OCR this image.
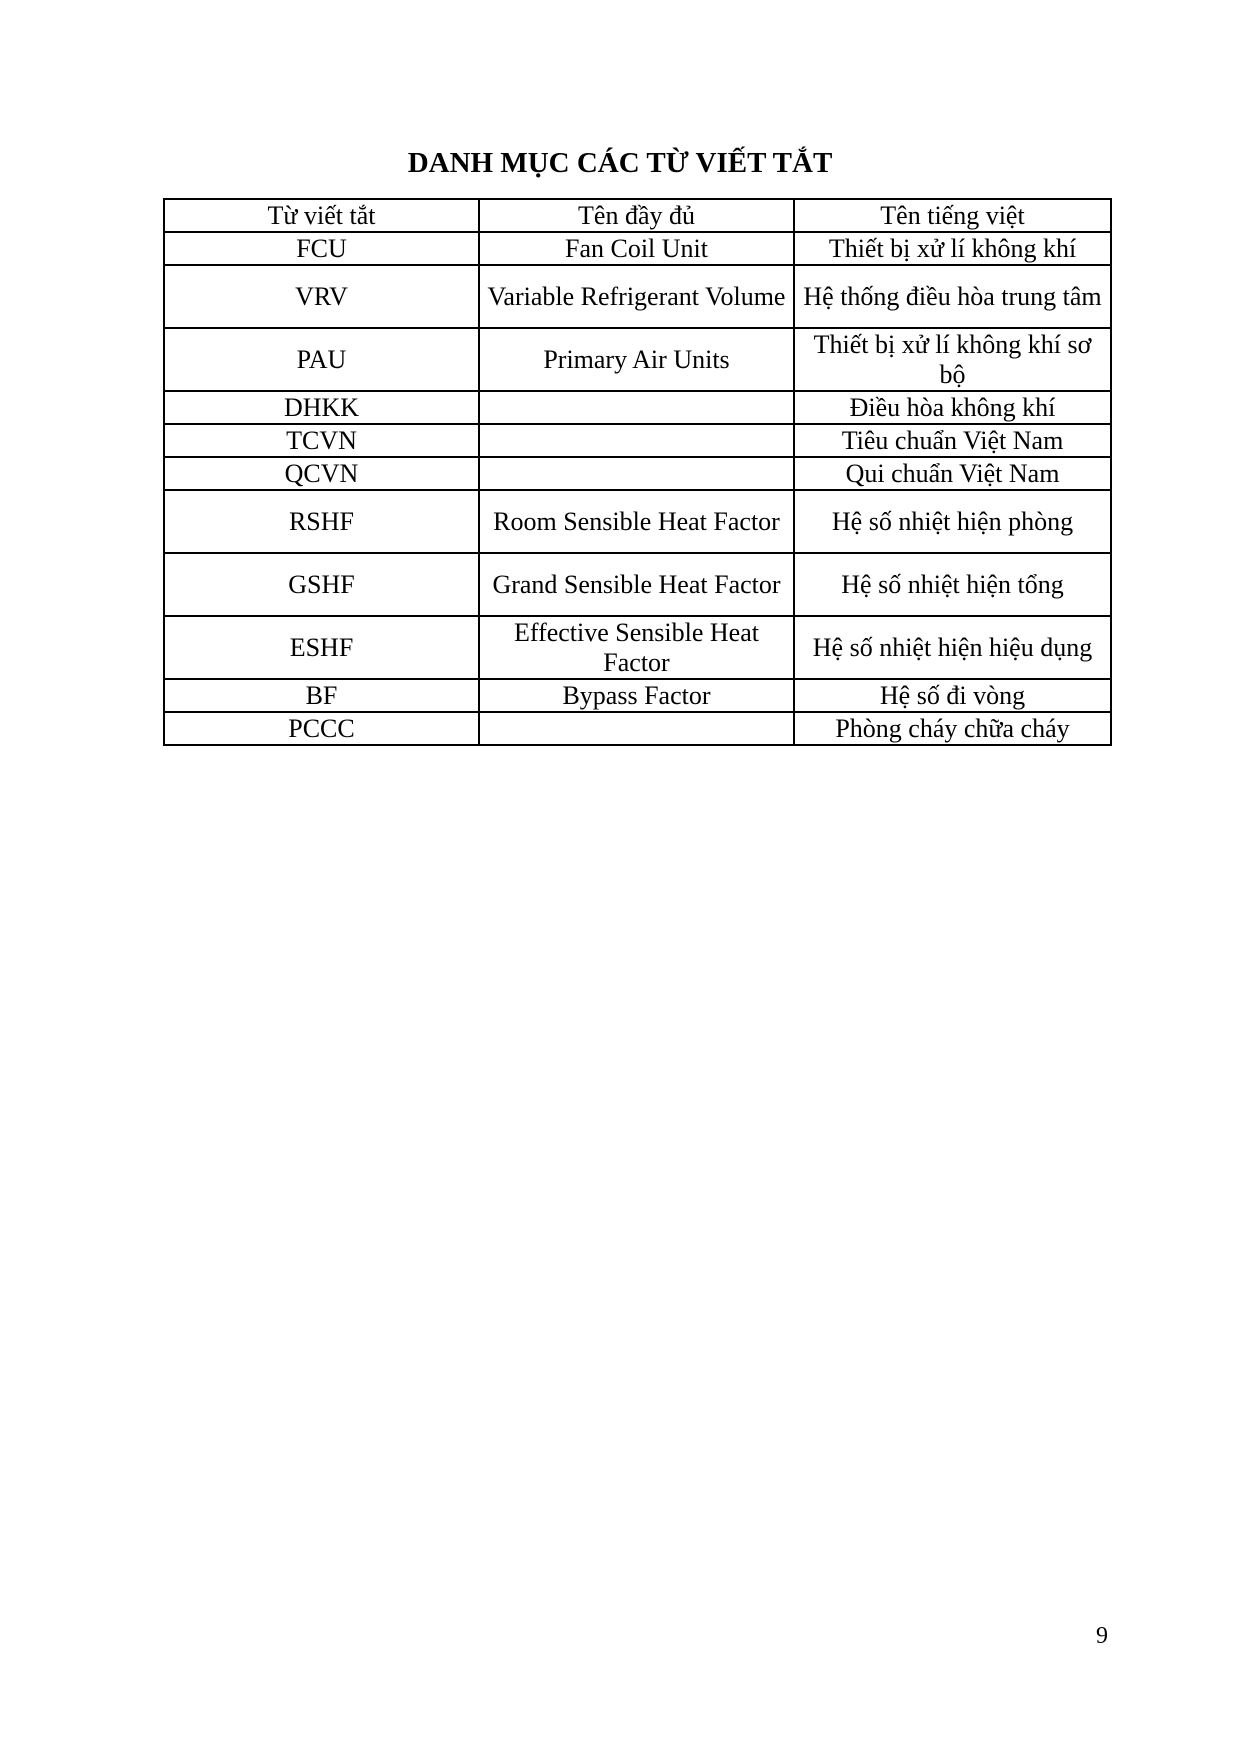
DANH MỤC CÁC TỪ VIẾT TẮT
Từ viết tắt	Tên đầy đủ	Tên tiếng việt
FCU	Fan Coil Unit	Thiết bị xử lí không khí
VRV	Variable Refrigerant Volume	Hệ thống điều hòa trung tâm
PAU	Primary Air Units	Thiết bị xử lí không khí sơ bộ
DHKK		Điều hòa không khí
TCVN		Tiêu chuẩn Việt Nam
QCVN		Qui chuẩn Việt Nam
RSHF	Room Sensible Heat Factor	Hệ số nhiệt hiện phòng
GSHF	Grand Sensible Heat Factor	Hệ số nhiệt hiện tổng
ESHF	Effective Sensible Heat Factor	Hệ số nhiệt hiện hiệu dụng
BF	Bypass Factor	Hệ số đi vòng
PCCC		Phòng cháy chữa cháy
9
